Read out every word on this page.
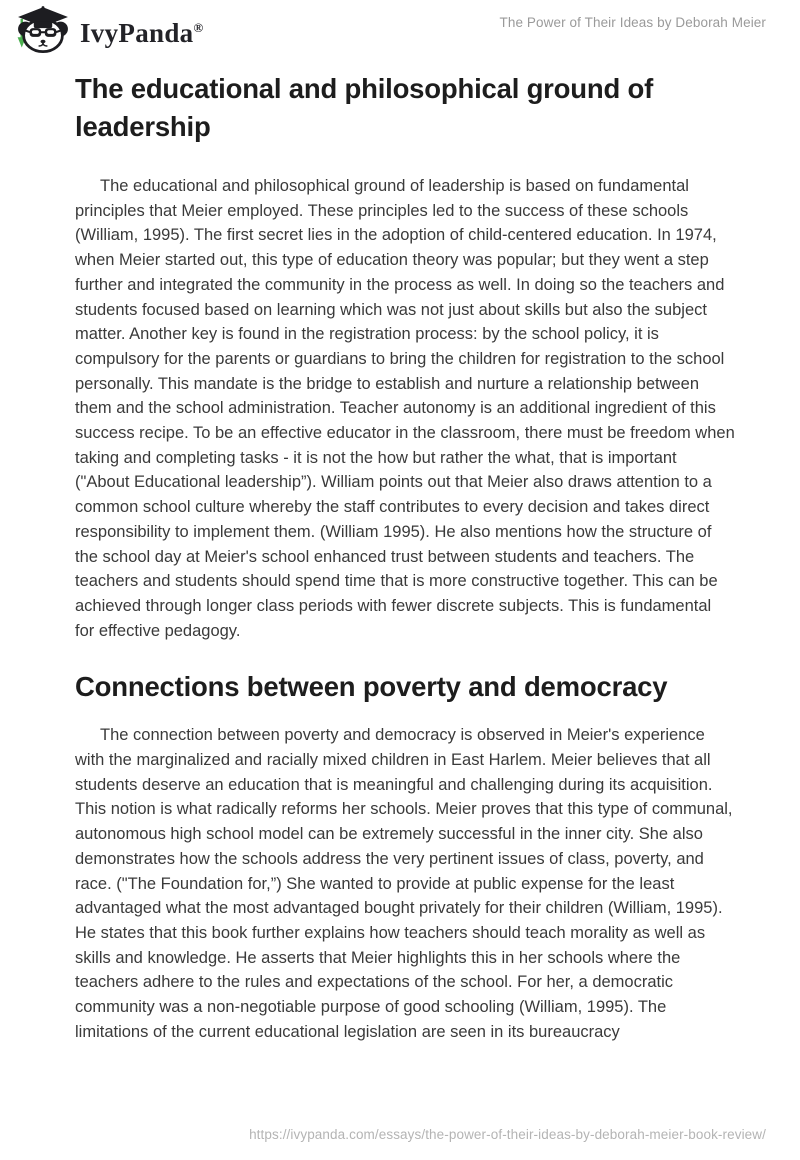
IvyPanda®	The Power of Their Ideas by Deborah Meier
The educational and philosophical ground of leadership

The educational and philosophical ground of leadership is based on fundamental principles that Meier employed. These principles led to the success of these schools (William, 1995). The first secret lies in the adoption of child-centered education. In 1974, when Meier started out, this type of education theory was popular; but they went a step further and integrated the community in the process as well. In doing so the teachers and students focused based on learning which was not just about skills but also the subject matter. Another key is found in the registration process: by the school policy, it is compulsory for the parents or guardians to bring the children for registration to the school personally. This mandate is the bridge to establish and nurture a relationship between them and the school administration. Teacher autonomy is an additional ingredient of this success recipe. To be an effective educator in the classroom, there must be freedom when taking and completing tasks - it is not the how but rather the what, that is important ("About Educational leadership”). William points out that Meier also draws attention to a common school culture whereby the staff contributes to every decision and takes direct responsibility to implement them. (William 1995). He also mentions how the structure of the school day at Meier's school enhanced trust between students and teachers. The teachers and students should spend time that is more constructive together. This can be achieved through longer class periods with fewer discrete subjects. This is fundamental for effective pedagogy.

Connections between poverty and democracy

The connection between poverty and democracy is observed in Meier's experience with the marginalized and racially mixed children in East Harlem. Meier believes that all students deserve an education that is meaningful and challenging during its acquisition. This notion is what radically reforms her schools. Meier proves that this type of communal, autonomous high school model can be extremely successful in the inner city. She also demonstrates how the schools address the very pertinent issues of class, poverty, and race. ("The Foundation for,”) She wanted to provide at public expense for the least advantaged what the most advantaged bought privately for their children (William, 1995). He states that this book further explains how teachers should teach morality as well as skills and knowledge. He asserts that Meier highlights this in her schools where the teachers adhere to the rules and expectations of the school. For her, a democratic community was a non-negotiable purpose of good schooling (William, 1995). The limitations of the current educational legislation are seen in its bureaucracy

https://ivypanda.com/essays/the-power-of-their-ideas-by-deborah-meier-book-review/
